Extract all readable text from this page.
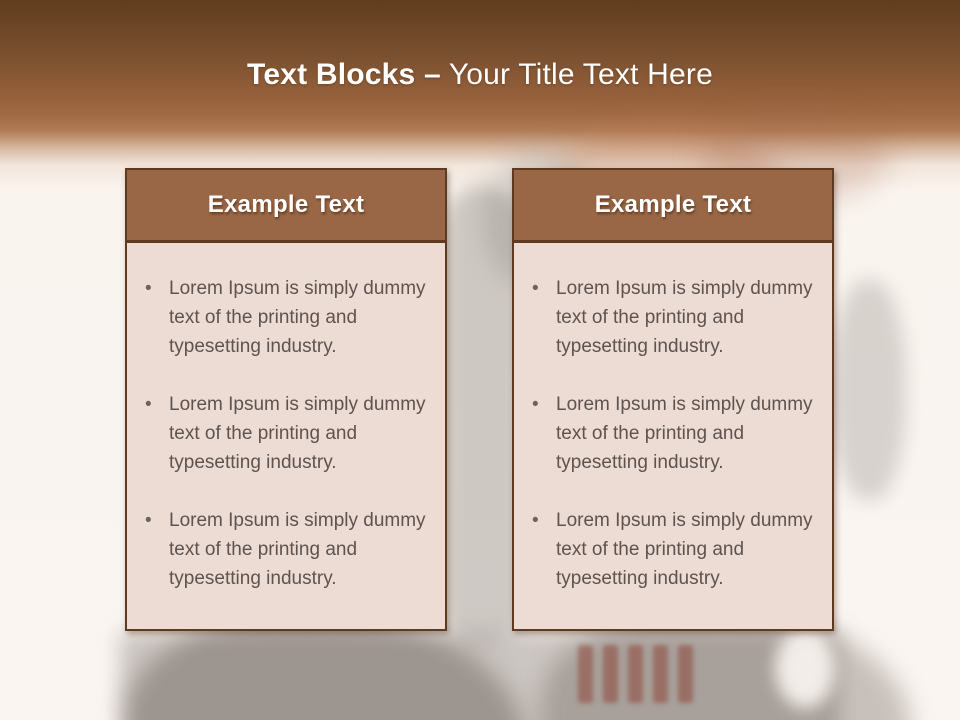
Text Blocks – Your Title Text Here
Example Text
• Lorem Ipsum is simply dummy text of the printing and typesetting industry.
• Lorem Ipsum is simply dummy text of the printing and typesetting industry.
• Lorem Ipsum is simply dummy text of the printing and typesetting industry.
Example Text
• Lorem Ipsum is simply dummy text of the printing and typesetting industry.
• Lorem Ipsum is simply dummy text of the printing and typesetting industry.
• Lorem Ipsum is simply dummy text of the printing and typesetting industry.
